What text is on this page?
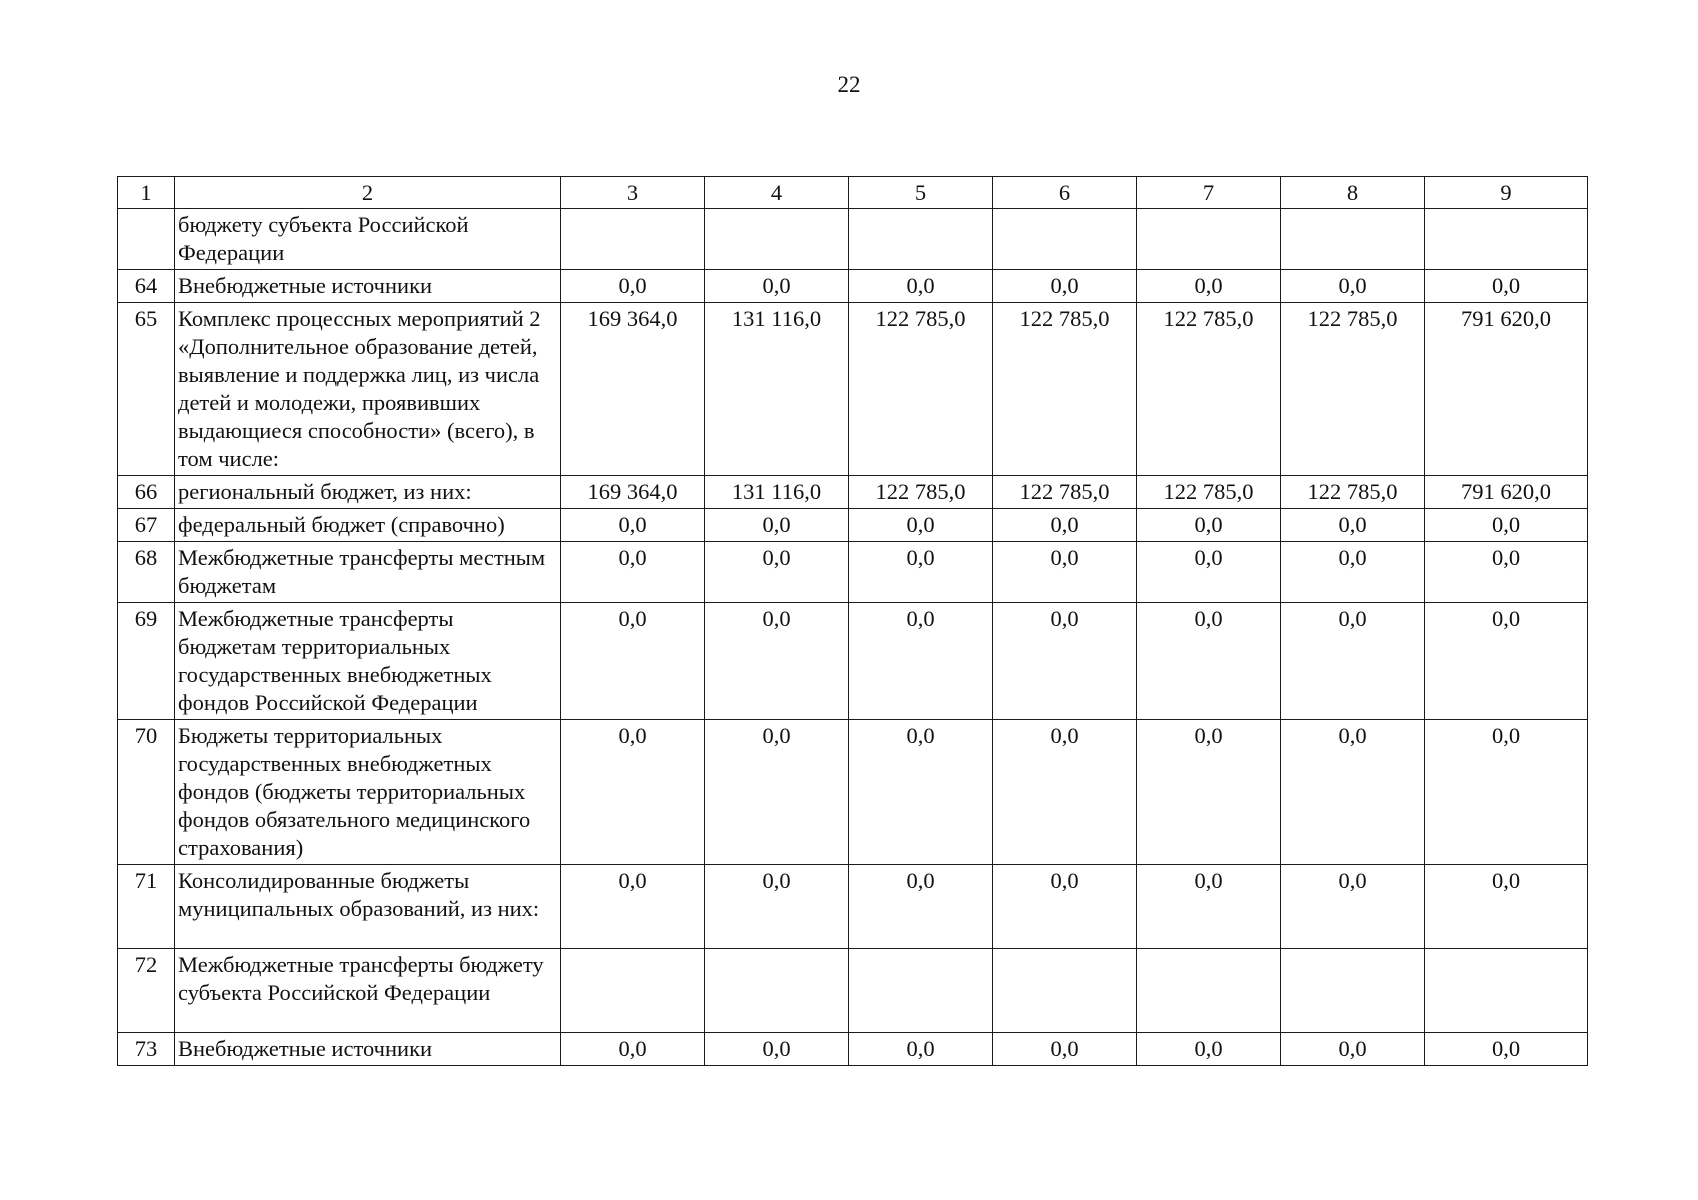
22
1	2	3	4	5	6	7	8	9
	бюджету субъекта Российской Федерации							
64	Внебюджетные источники	0,0	0,0	0,0	0,0	0,0	0,0	0,0
65	Комплекс процессных мероприятий 2 «Дополнительное образование детей, выявление и поддержка лиц, из числа детей и молодежи, проявивших выдающиеся способности» (всего), в том числе:	169 364,0	131 116,0	122 785,0	122 785,0	122 785,0	122 785,0	791 620,0
66	региональный бюджет, из них:	169 364,0	131 116,0	122 785,0	122 785,0	122 785,0	122 785,0	791 620,0
67	федеральный бюджет (справочно)	0,0	0,0	0,0	0,0	0,0	0,0	0,0
68	Межбюджетные трансферты местным бюджетам	0,0	0,0	0,0	0,0	0,0	0,0	0,0
69	Межбюджетные трансферты бюджетам территориальных государственных внебюджетных фондов Российской Федерации	0,0	0,0	0,0	0,0	0,0	0,0	0,0
70	Бюджеты территориальных государственных внебюджетных фондов (бюджеты территориальных фондов обязательного медицинского страхования)	0,0	0,0	0,0	0,0	0,0	0,0	0,0
71	Консолидированные бюджеты муниципальных образований, из них:	0,0	0,0	0,0	0,0	0,0	0,0	0,0
72	Межбюджетные трансферты бюджету субъекта Российской Федерации							
73	Внебюджетные источники	0,0	0,0	0,0	0,0	0,0	0,0	0,0
